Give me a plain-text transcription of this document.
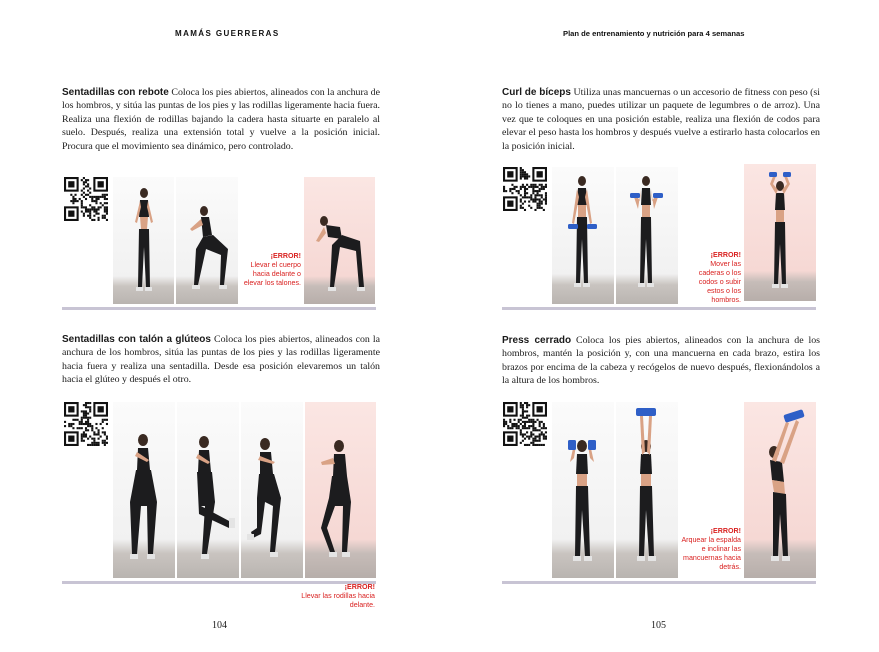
MAMÁS GUERRERAS

Sentadillas con rebote Coloca los pies abiertos, alineados con la anchura de los hombros, y sitúa las puntas de los pies y las rodillas ligeramente hacia fuera. Realiza una flexión de rodillas bajando la cadera hasta situarte en paralelo al suelo. Después, realiza una extensión total y vuelve a la posición inicial. Procura que el movimiento sea dinámico, pero controlado.

¡ERROR!
Llevar el cuerpo hacia delante o elevar los talones.

Sentadillas con talón a glúteos Coloca los pies abiertos, alineados con la anchura de los hombros, sitúa las puntas de los pies y las rodillas ligeramente hacia fuera y realiza una sentadilla. Desde esa posición elevaremos un talón hacia el glúteo y después el otro.

¡ERROR!
Llevar las rodillas hacia delante.
104
Plan de entrenamiento y nutrición para 4 semanas

Curl de bíceps Utiliza unas mancuernas o un accesorio de fitness con peso (si no lo tienes a mano, puedes utilizar un paquete de legumbres o de arroz). Una vez que te coloques en una posición estable, realiza una flexión de codos para elevar el peso hasta los hombros y después vuelve a estirarlo hasta colocarlos en la posición inicial.

¡ERROR!
Mover las caderas o los codos o subir estos o los hombros.

Press cerrado Coloca los pies abiertos, alineados con la anchura de los hombros, mantén la posición y, con una mancuerna en cada brazo, estira los brazos por encima de la cabeza y recógelos de nuevo después, flexionándolos a la altura de los hombros.

¡ERROR!
Arquear la espalda e inclinar las mancuernas hacia detrás.
105
